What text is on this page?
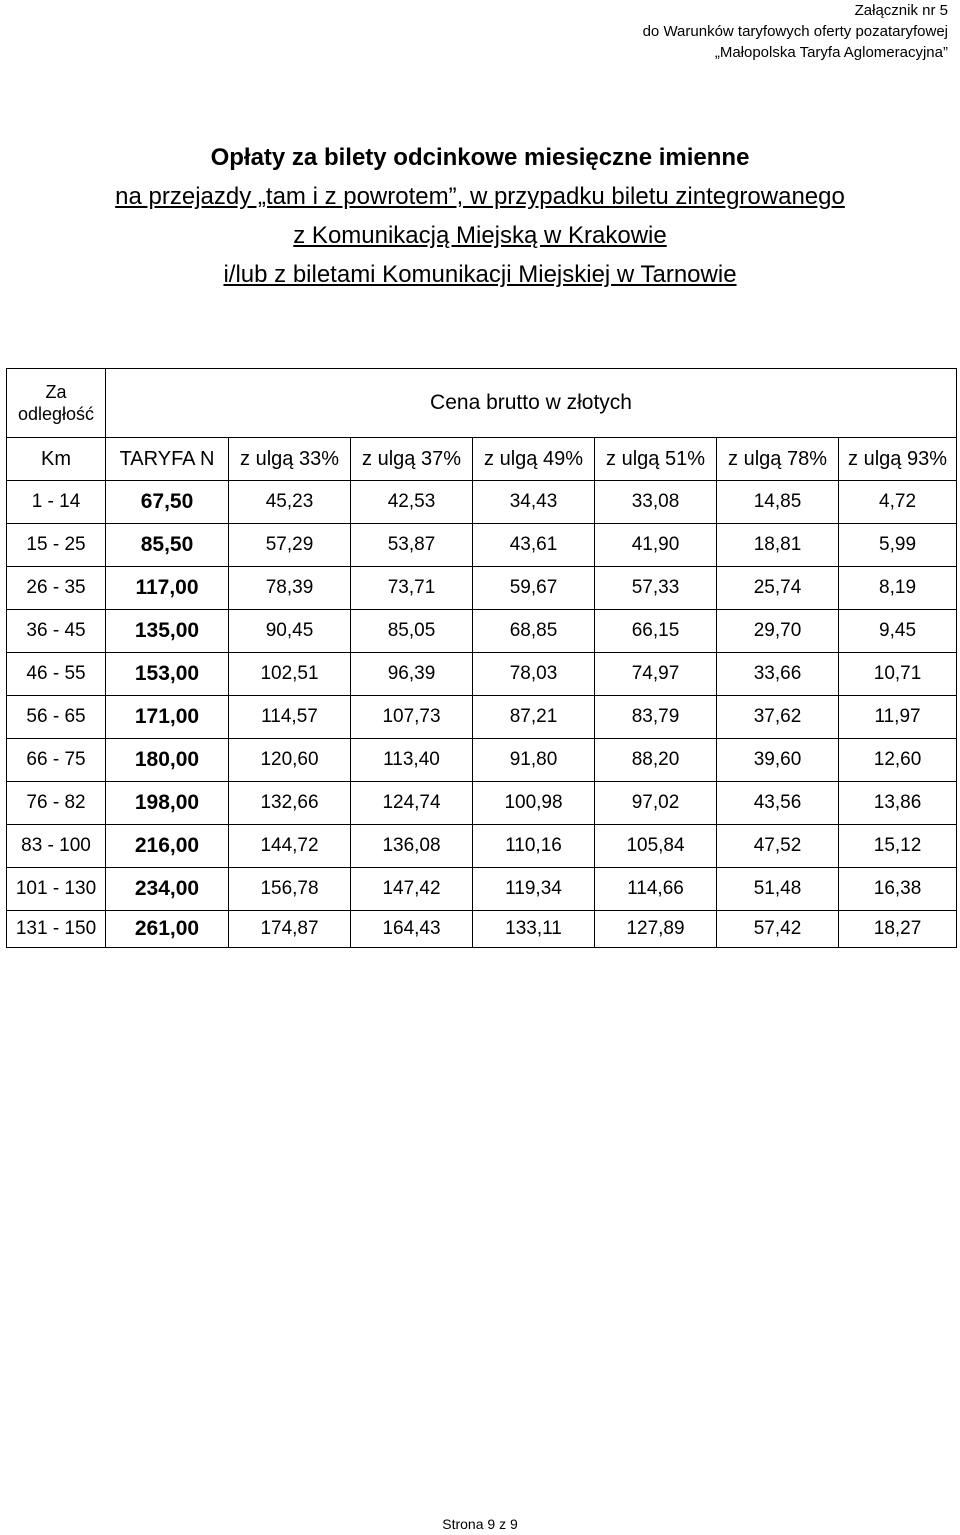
Załącznik nr 5
do Warunków taryfowych oferty pozataryfowej
„Małopolska Taryfa Aglomeracyjna”
Opłaty za bilety odcinkowe miesięczne imienne
na przejazdy „tam i z powrotem”, w przypadku biletu zintegrowanego
z Komunikacją Miejską w Krakowie
i/lub z biletami Komunikacji Miejskiej w Tarnowie
Za
odległość	Cena brutto w złotych						
Km	TARYFA N	z ulgą 33%	z ulgą 37%	z ulgą 49%	z ulgą 51%	z ulgą 78%	z ulgą 93%
1 - 14	67,50	45,23	42,53	34,43	33,08	14,85	4,72
15 - 25	85,50	57,29	53,87	43,61	41,90	18,81	5,99
26 - 35	117,00	78,39	73,71	59,67	57,33	25,74	8,19
36 - 45	135,00	90,45	85,05	68,85	66,15	29,70	9,45
46 - 55	153,00	102,51	96,39	78,03	74,97	33,66	10,71
56 - 65	171,00	114,57	107,73	87,21	83,79	37,62	11,97
66 - 75	180,00	120,60	113,40	91,80	88,20	39,60	12,60
76 - 82	198,00	132,66	124,74	100,98	97,02	43,56	13,86
83 - 100	216,00	144,72	136,08	110,16	105,84	47,52	15,12
101 - 130	234,00	156,78	147,42	119,34	114,66	51,48	16,38
131 - 150	261,00	174,87	164,43	133,11	127,89	57,42	18,27
Strona 9 z 9
